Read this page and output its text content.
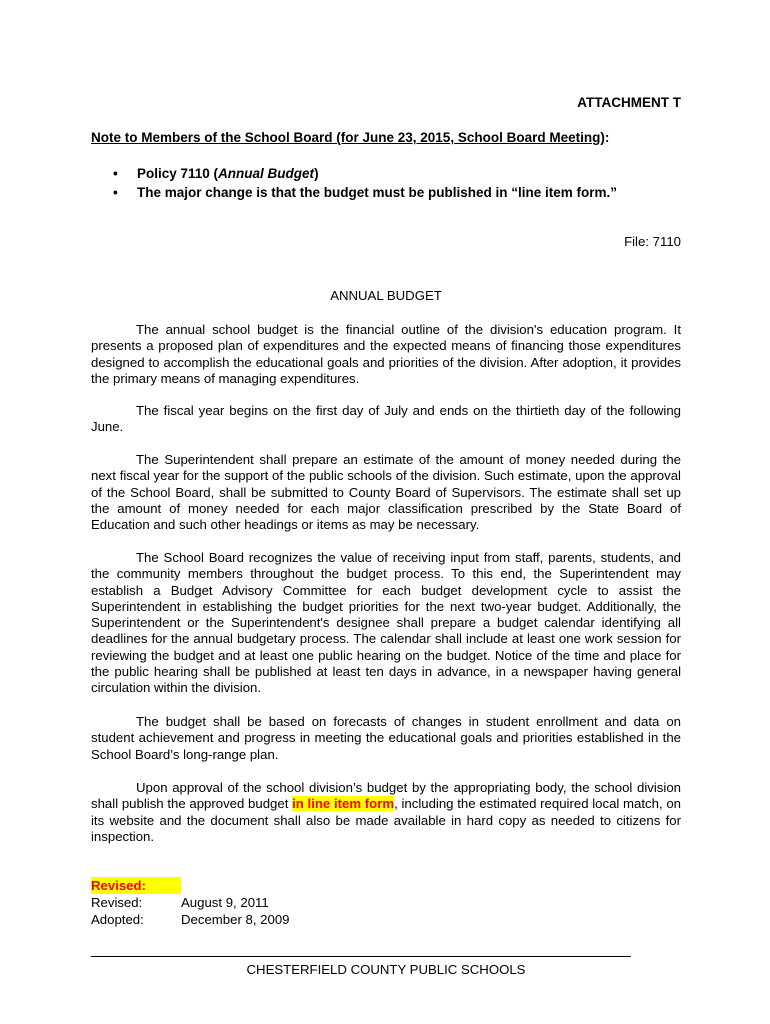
ATTACHMENT T
Note to Members of the School Board (for June 23, 2015, School Board Meeting):
• Policy 7110 (Annual Budget)
• The major change is that the budget must be published in “line item form.”
File: 7110
ANNUAL BUDGET

The annual school budget is the financial outline of the division's education program. It presents a proposed plan of expenditures and the expected means of financing those expenditures designed to accomplish the educational goals and priorities of the division. After adoption, it provides the primary means of managing expenditures.

The fiscal year begins on the first day of July and ends on the thirtieth day of the following June.

The Superintendent shall prepare an estimate of the amount of money needed during the next fiscal year for the support of the public schools of the division. Such estimate, upon the approval of the School Board, shall be submitted to County Board of Supervisors. The estimate shall set up the amount of money needed for each major classification prescribed by the State Board of Education and such other headings or items as may be necessary.

The School Board recognizes the value of receiving input from staff, parents, students, and the community members throughout the budget process. To this end, the Superintendent may establish a Budget Advisory Committee for each budget development cycle to assist the Superintendent in establishing the budget priorities for the next two-year budget. Additionally, the Superintendent or the Superintendent's designee shall prepare a budget calendar identifying all deadlines for the annual budgetary process. The calendar shall include at least one work session for reviewing the budget and at least one public hearing on the budget. Notice of the time and place for the public hearing shall be published at least ten days in advance, in a newspaper having general circulation within the division.

The budget shall be based on forecasts of changes in student enrollment and data on student achievement and progress in meeting the educational goals and priorities established in the School Board’s long-range plan.

Upon approval of the school division’s budget by the appropriating body, the school division shall publish the approved budget in line item form, including the estimated required local match, on its website and the document shall also be made available in hard copy as needed to citizens for inspection.

Revised:
Revised:	August 9, 2011
Adopted:	December 8, 2009
CHESTERFIELD COUNTY PUBLIC SCHOOLS
